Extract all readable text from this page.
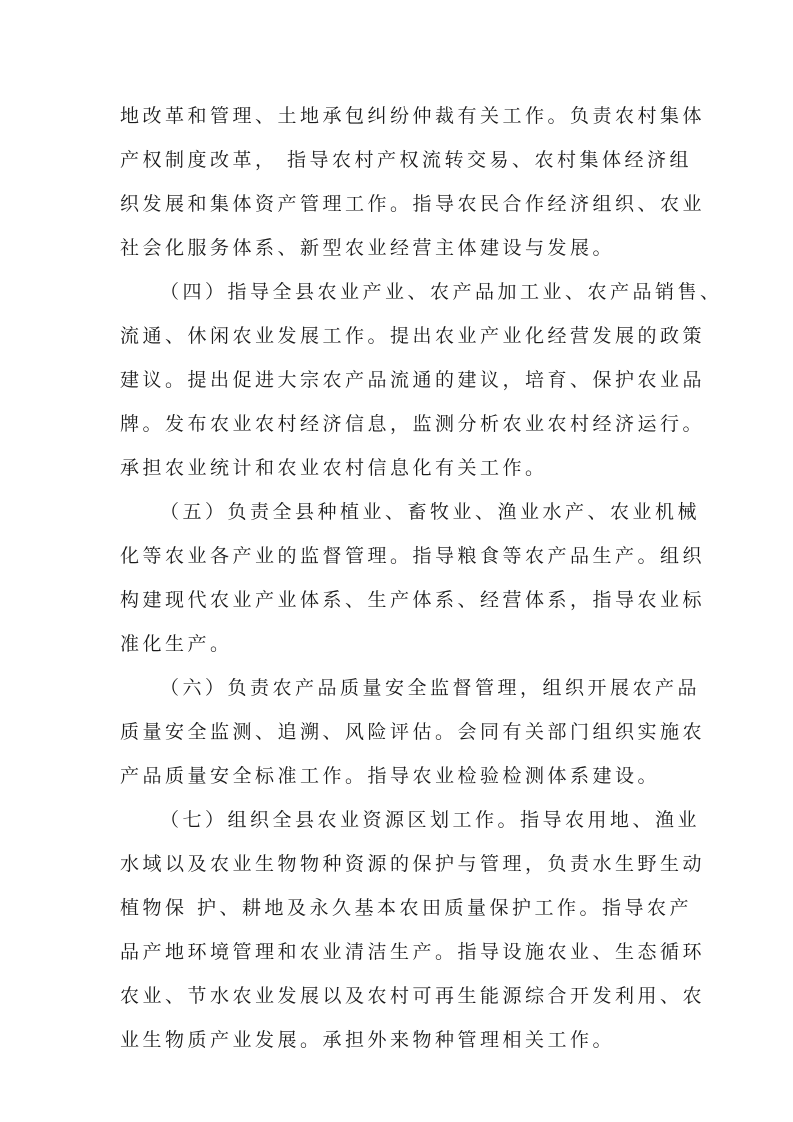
地改革和管理、土地承包纠纷仲裁有关工作。负责农村集体
产权制度改革， 指导农村产权流转交易、农村集体经济组
织发展和集体资产管理工作。指导农民合作经济组织、农业
社会化服务体系、新型农业经营主体建设与发展。
（四）指导全县农业产业、农产品加工业、农产品销售、
流通、休闲农业发展工作。提出农业产业化经营发展的政策
建议。提出促进大宗农产品流通的建议，培育、保护农业品
牌。发布农业农村经济信息，监测分析农业农村经济运行。
承担农业统计和农业农村信息化有关工作。
（五）负责全县种植业、畜牧业、渔业水产、农业机械
化等农业各产业的监督管理。指导粮食等农产品生产。组织
构建现代农业产业体系、生产体系、经营体系，指导农业标
准化生产。
（六）负责农产品质量安全监督管理，组织开展农产品
质量安全监测、追溯、风险评估。会同有关部门组织实施农
产品质量安全标准工作。指导农业检验检测体系建设。
（七）组织全县农业资源区划工作。指导农用地、渔业
水域以及农业生物物种资源的保护与管理，负责水生野生动
植物保 护、耕地及永久基本农田质量保护工作。指导农产
品产地环境管理和农业清洁生产。指导设施农业、生态循环
农业、节水农业发展以及农村可再生能源综合开发利用、农
业生物质产业发展。承担外来物种管理相关工作。
